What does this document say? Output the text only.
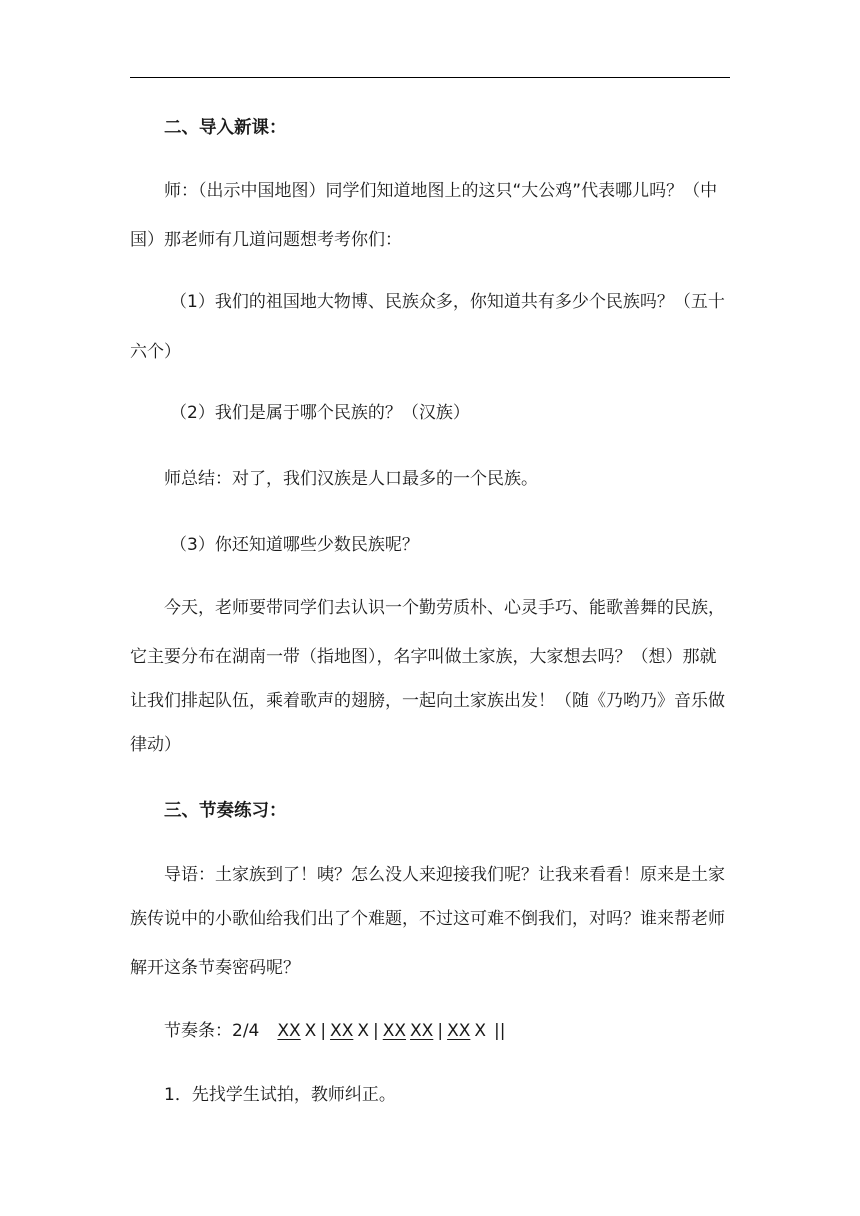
二、导入新课：
师：（出示中国地图）同学们知道地图上的这只“大公鸡”代表哪儿吗？（中
国）那老师有几道问题想考考你们：
（1）我们的祖国地大物博、民族众多，你知道共有多少个民族吗？（五十
六个）
（2）我们是属于哪个民族的？（汉族）
师总结：对了，我们汉族是人口最多的一个民族。
（3）你还知道哪些少数民族呢？
今天，老师要带同学们去认识一个勤劳质朴、心灵手巧、能歌善舞的民族，
它主要分布在湖南一带（指地图），名字叫做土家族，大家想去吗？（想）那就
让我们排起队伍，乘着歌声的翅膀，一起向土家族出发！（随《乃哟乃》音乐做
律动）
三、节奏练习：
导语：土家族到了！咦？怎么没人来迎接我们呢？让我来看看！原来是土家
族传说中的小歌仙给我们出了个难题，不过这可难不倒我们，对吗？谁来帮老师
解开这条节奏密码呢？
节奏条：2/4 XX X | XX X | XX XX | XX X ||
1．先找学生试拍，教师纠正。
